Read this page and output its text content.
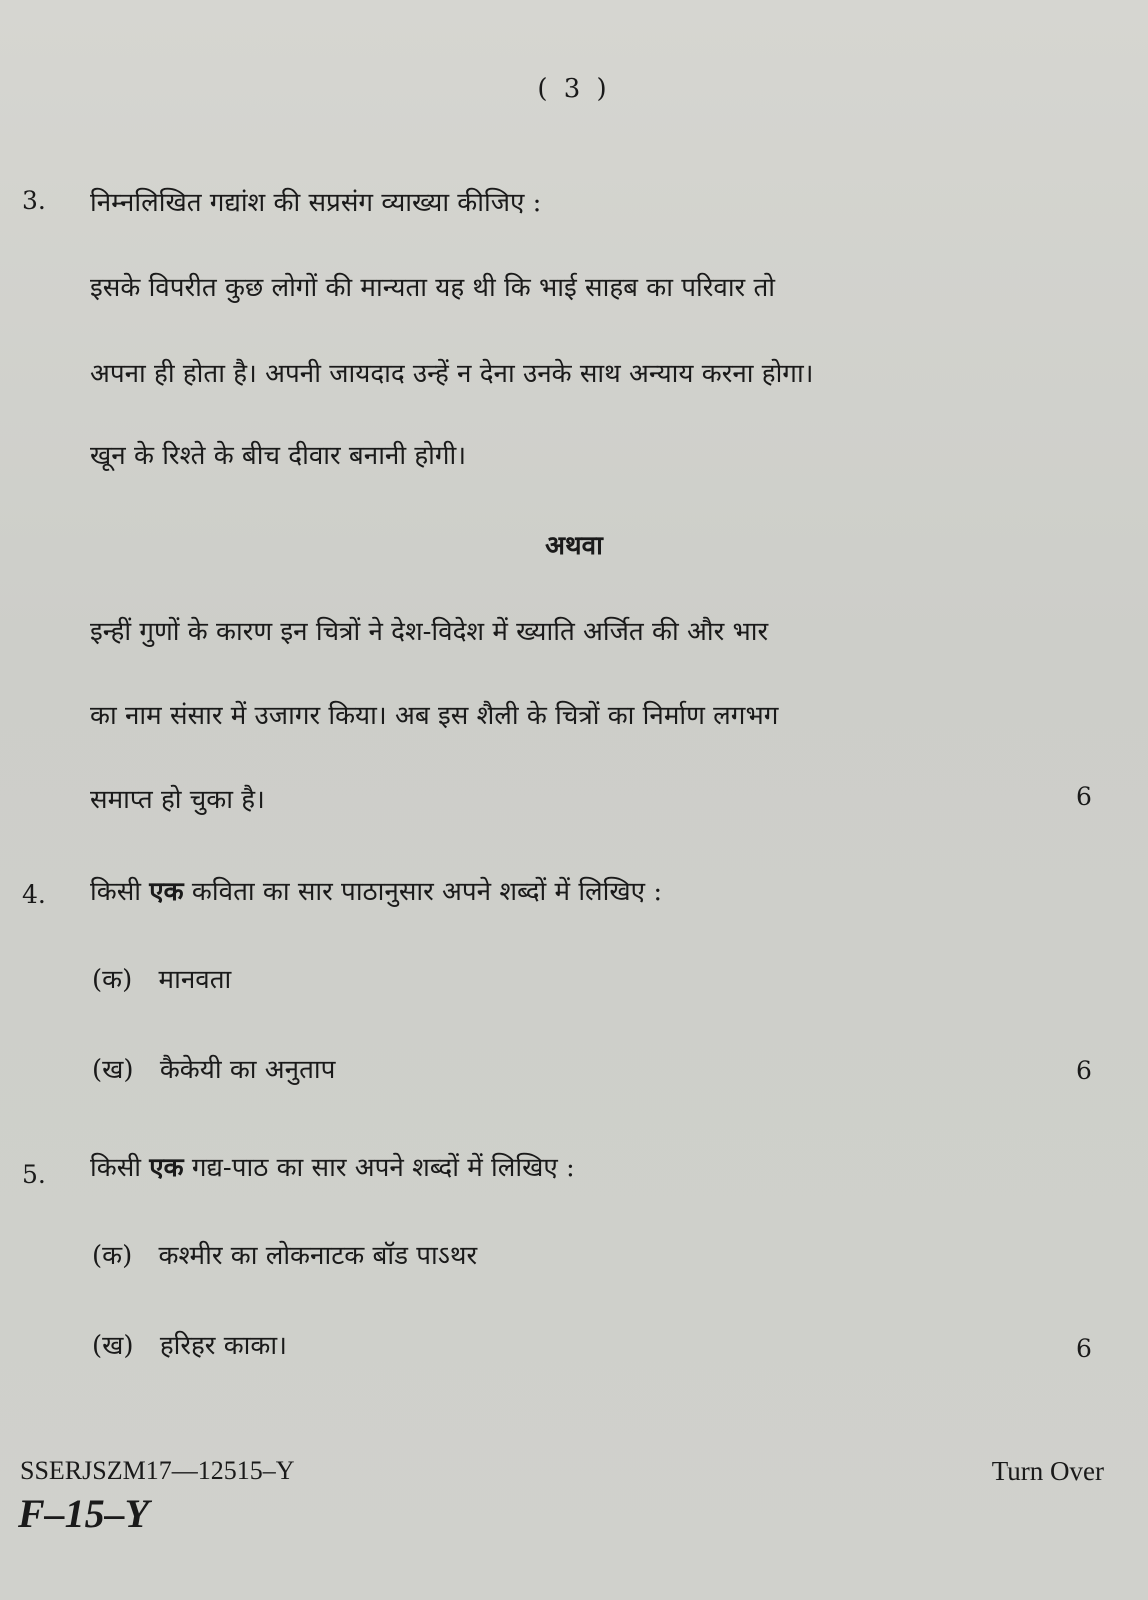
( 3 )
3. निम्नलिखित गद्यांश की सप्रसंग व्याख्या कीजिए :
इसके विपरीत कुछ लोगों की मान्यता यह थी कि भाई साहब का परिवार तो
अपना ही होता है। अपनी जायदाद उन्हें न देना उनके साथ अन्याय करना होगा।
खून के रिश्ते के बीच दीवार बनानी होगी।
अथवा
इन्हीं गुणों के कारण इन चित्रों ने देश-विदेश में ख्याति अर्जित की और भार
का नाम संसार में उजागर किया। अब इस शैली के चित्रों का निर्माण लगभग
समाप्त हो चुका है।	6
4. किसी एक कविता का सार पाठानुसार अपने शब्दों में लिखिए :
(क) मानवता
(ख) कैकेयी का अनुताप	6
5. किसी एक गद्य-पाठ का सार अपने शब्दों में लिखिए :
(क) कश्मीर का लोकनाटक बॉड पाऽथर
(ख) हरिहर काका।	6
SSERJSZM17—12515–Y	Turn Over
F–15–Y
